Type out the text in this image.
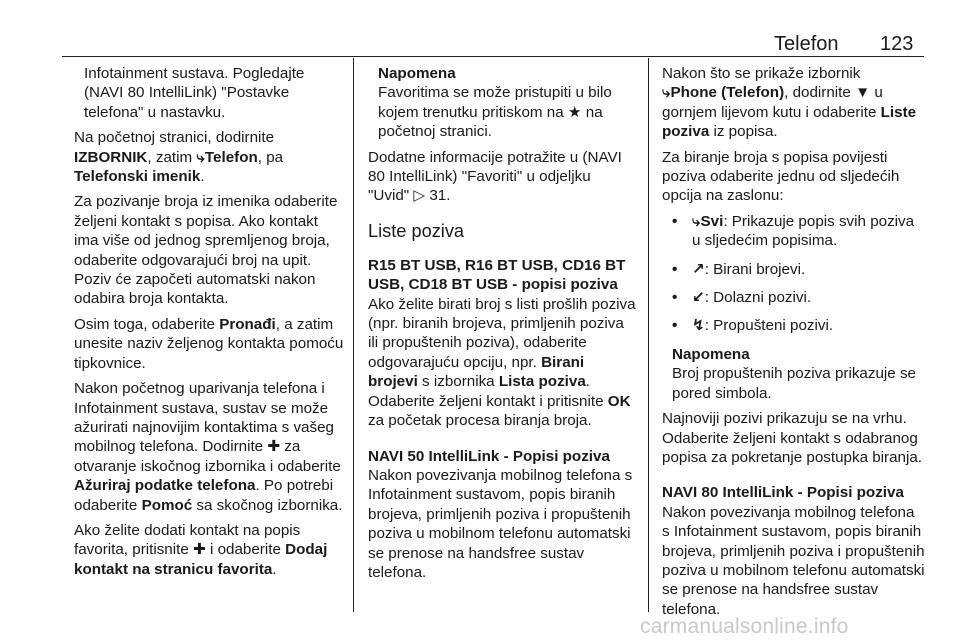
Telefon 123

Infotainment sustava. Pogledajte (NAVI 80 IntelliLink) "Postavke telefona" u nastavku.

Na početnoj stranici, dodirnite IZBORNIK, zatim ⤷Telefon, pa Telefonski imenik.

Za pozivanje broja iz imenika odaberite željeni kontakt s popisa. Ako kontakt ima više od jednog spremljenog broja, odaberite odgovarajući broj na upit. Poziv će započeti automatski nakon odabira broja kontakta.

Osim toga, odaberite Pronađi, a zatim unesite naziv željenog kontakta pomoću tipkovnice.

Nakon početnog uparivanja telefona i Infotainment sustava, sustav se može ažurirati najnovijim kontaktima s vašeg mobilnog telefona. Dodirnite ✚ za otvaranje iskočnog izbornika i odaberite Ažuriraj podatke telefona. Po potrebi odaberite Pomoć sa skočnog izbornika.

Ako želite dodati kontakt na popis favorita, pritisnite ✚ i odaberite Dodaj kontakt na stranicu favorita.

Napomena

Favoritima se može pristupiti u bilo kojem trenutku pritiskom na ★ na početnoj stranici.

Dodatne informacije potražite u (NAVI 80 IntelliLink) "Favoriti" u odjeljku "Uvid" ▷ 31.

Liste poziva
R15 BT USB, R16 BT USB, CD16 BT USB, CD18 BT USB - popisi poziva

Ako želite birati broj s listi prošlih poziva (npr. biranih brojeva, primljenih poziva ili propuštenih poziva), odaberite odgovarajuću opciju, npr. Birani brojevi s izbornika Lista poziva. Odaberite željeni kontakt i pritisnite OK za početak procesa biranja broja.

NAVI 50 IntelliLink - Popisi poziva

Nakon povezivanja mobilnog telefona s Infotainment sustavom, popis biranih brojeva, primljenih poziva i propuštenih poziva u mobilnom telefonu automatski se prenose na handsfree sustav telefona.

Nakon što se prikaže izbornik
⤷Phone (Telefon), dodirnite ▼ u gornjem lijevom kutu i odaberite Liste poziva iz popisa.

Za biranje broja s popisa povijesti poziva odaberite jednu od sljedećih opcija na zaslonu:

• ⤷Svi: Prikazuje popis svih poziva u sljedećim popisima.
• ↗: Birani brojevi.
• ↙: Dolazni pozivi.
• ↯: Propušteni pozivi.
Napomena

Broj propuštenih poziva prikazuje se pored simbola.

Najnoviji pozivi prikazuju se na vrhu. Odaberite željeni kontakt s odabranog popisa za pokretanje postupka biranja.

NAVI 80 IntelliLink - Popisi poziva

Nakon povezivanja mobilnog telefona s Infotainment sustavom, popis biranih brojeva, primljenih poziva i propuštenih poziva u mobilnom telefonu automatski se prenose na handsfree sustav telefona.

carmanualsonline.info
